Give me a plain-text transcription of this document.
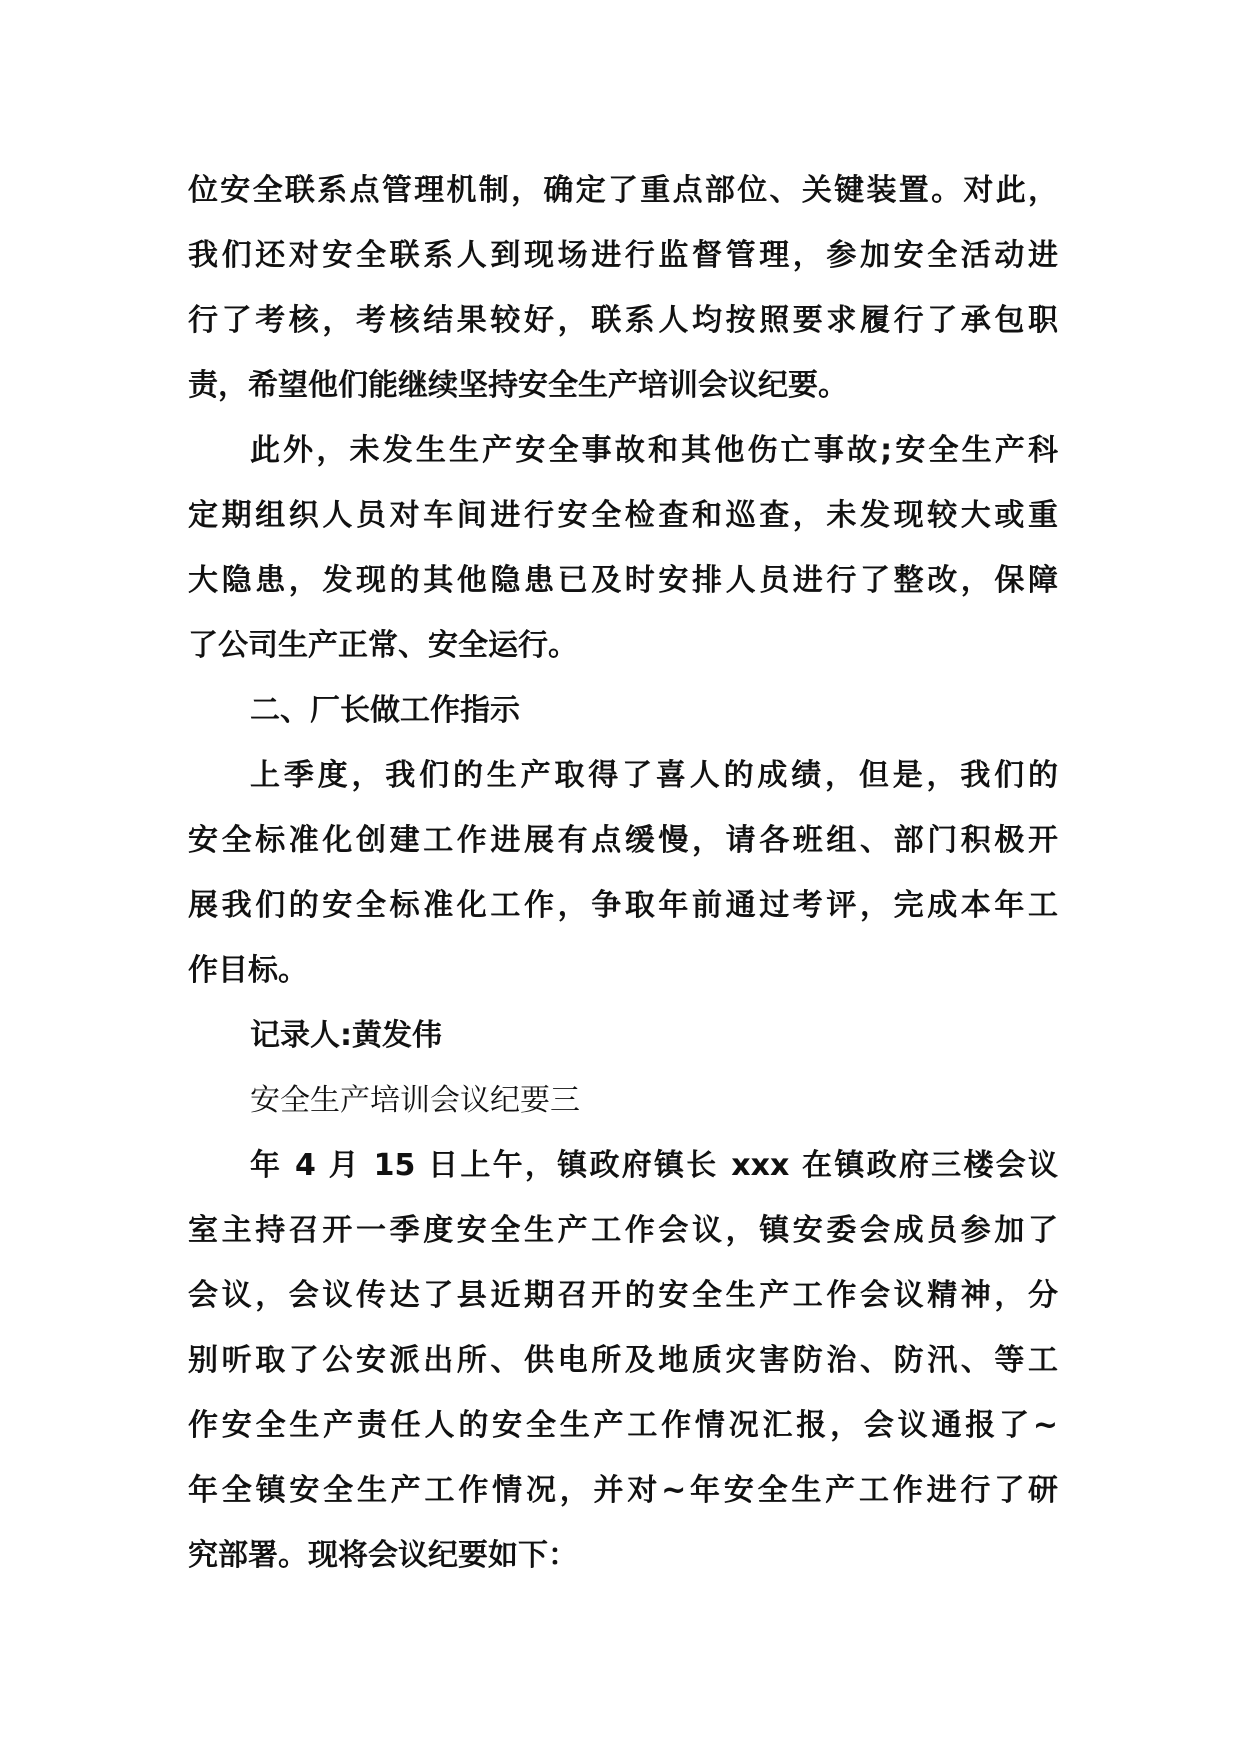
位安全联系点管理机制，确定了重点部位、关键装置。对此，
我们还对安全联系人到现场进行监督管理，参加安全活动进
行了考核，考核结果较好，联系人均按照要求履行了承包职
责，希望他们能继续坚持安全生产培训会议纪要。
此外，未发生生产安全事故和其他伤亡事故;安全生产科
定期组织人员对车间进行安全检查和巡查，未发现较大或重
大隐患，发现的其他隐患已及时安排人员进行了整改，保障
了公司生产正常、安全运行。
二、厂长做工作指示
上季度，我们的生产取得了喜人的成绩，但是，我们的
安全标准化创建工作进展有点缓慢，请各班组、部门积极开
展我们的安全标准化工作，争取年前通过考评，完成本年工
作目标。
记录人:黄发伟
安全生产培训会议纪要三
年 4 月 15 日上午，镇政府镇长 xxx 在镇政府三楼会议
室主持召开一季度安全生产工作会议，镇安委会成员参加了
会议，会议传达了县近期召开的安全生产工作会议精神，分
别听取了公安派出所、供电所及地质灾害防治、防汛、等工
作安全生产责任人的安全生产工作情况汇报，会议通报了~
年全镇安全生产工作情况，并对~年安全生产工作进行了研
究部署。现将会议纪要如下：
